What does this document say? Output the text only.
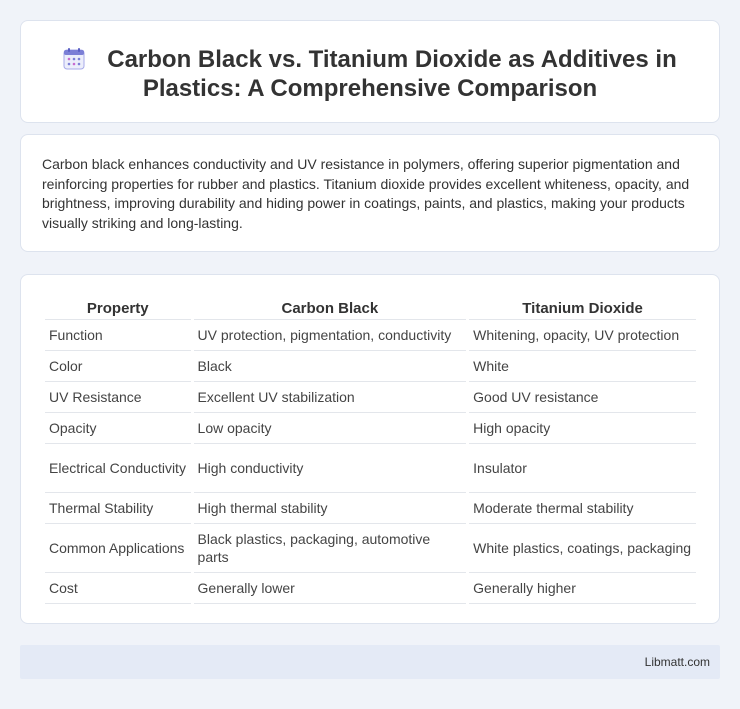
Carbon Black vs. Titanium Dioxide as Additives in Plastics: A Comprehensive Comparison

Carbon black enhances conductivity and UV resistance in polymers, offering superior pigmentation and reinforcing properties for rubber and plastics. Titanium dioxide provides excellent whiteness, opacity, and brightness, improving durability and hiding power in coatings, paints, and plastics, making your products visually striking and long-lasting.

Property	Carbon Black	Titanium Dioxide
Function	UV protection, pigmentation, conductivity	Whitening, opacity, UV protection
Color	Black	White
UV Resistance	Excellent UV stabilization	Good UV resistance
Opacity	Low opacity	High opacity
Electrical Conductivity	High conductivity	Insulator
Thermal Stability	High thermal stability	Moderate thermal stability
Common Applications	Black plastics, packaging, automotive parts	White plastics, coatings, packaging
Cost	Generally lower	Generally higher
Libmatt.com
